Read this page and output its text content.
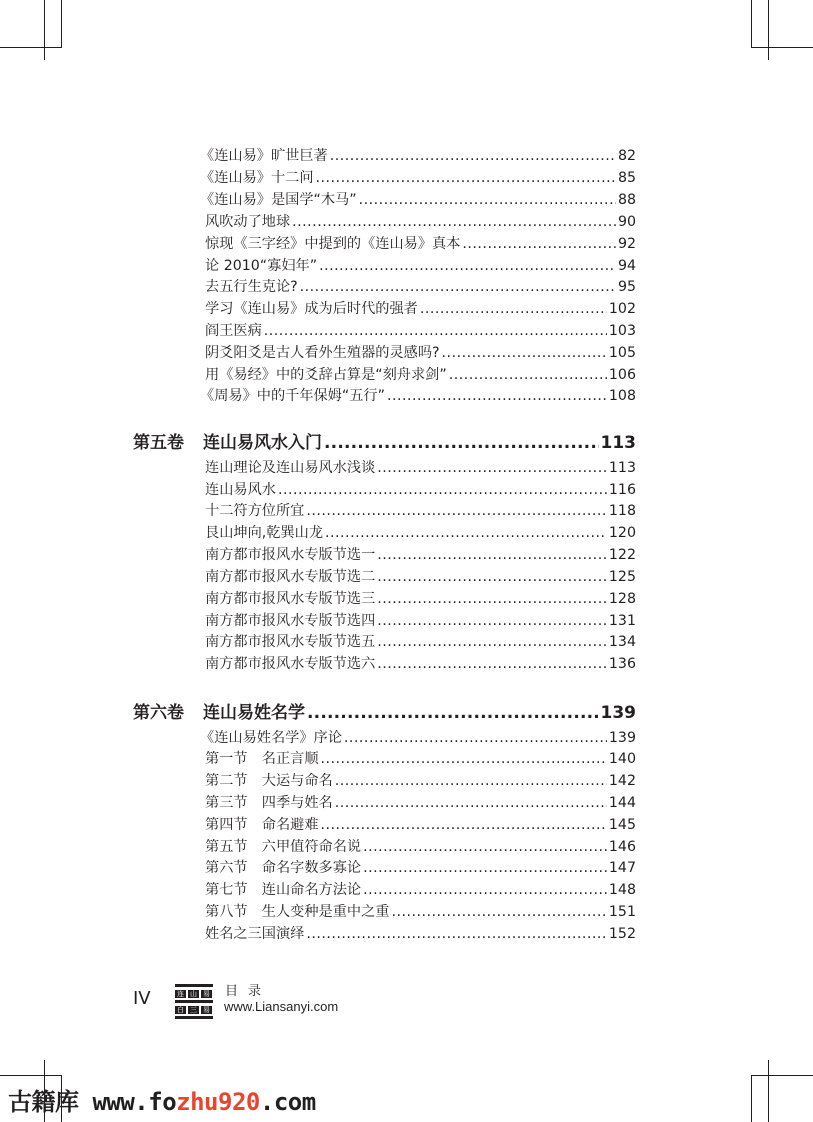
《连山易》旷世巨著 .....	82
《连山易》十二问 .....	85
《连山易》是国学“木马” .....	88
风吹动了地球 .....	90
惊现《三字经》中提到的《连山易》真本 .....	92
论 2010“寡妇年” .....	94
去五行生克论? .....	95
学习《连山易》成为后时代的强者 .....	102
阎王医病 .....	103
阴爻阳爻是古人看外生殖器的灵感吗? .....	105
用《易经》中的爻辞占算是“刻舟求剑” .....	106
《周易》中的千年保姆“五行” .....	108
第五卷	连山易风水入门 .....	113
连山理论及连山易风水浅谈 .....	113
连山易风水 .....	116
十二符方位所宜 .....	118
艮山坤向,乾巽山龙 .....	120
南方都市报风水专版节选一 .....	122
南方都市报风水专版节选二 .....	125
南方都市报风水专版节选三 .....	128
南方都市报风水专版节选四 .....	131
南方都市报风水专版节选五 .....	134
南方都市报风水专版节选六 .....	136
第六卷	连山易姓名学 .....	139
《连山易姓名学》序论 .....	139
第一节　名正言顺 .....	140
第二节　大运与命名 .....	142
第三节　四季与姓名 .....	144
第四节　命名避难 .....	145
第五节　六甲值符命名说 .....	146
第六节　命名字数多寡论 .....	147
第七节　连山命名方法论 .....	148
第八节　生人变种是重中之重 .....	151
姓名之三国演绎 .....	152
IV	连 山 易
白 三 易
目录
www.Liansanyi.com
古籍库 www.fozhu920.com
